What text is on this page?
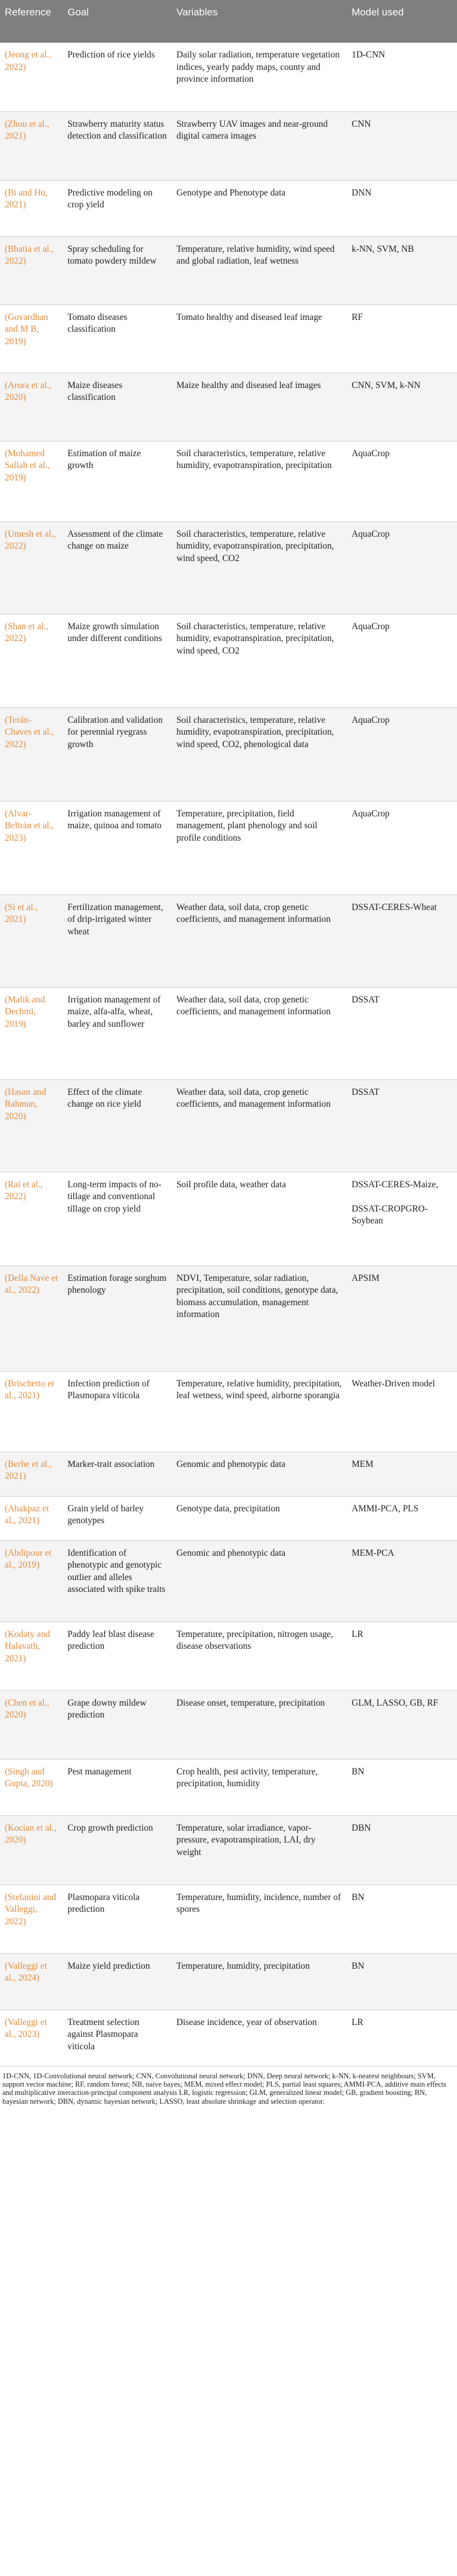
Reference	Goal	Variables	Model used
(Jeong et al., 2022)	Prediction of rice yields	Daily solar radiation, temperature vegetation indices, yearly paddy maps, county and province information	1D-CNN
(Zhou et al., 2021)	Strawberry maturity status detection and classification	Strawberry UAV images and near-ground digital camera images	CNN
(Bi and Hu, 2021)	Predictive modeling on crop yield	Genotype and Phenotype data	DNN
(Bhatia et al., 2022)	Spray scheduling for tomato powdery mildew	Temperature, relative humidity, wind speed and global radiation, leaf wetness	k-NN, SVM, NB
(Govardhan and M B, 2019)	Tomato diseases classification	Tomato healthy and diseased leaf image	RF
(Arora et al., 2020)	Maize diseases classification	Maize healthy and diseased leaf images	CNN, SVM, k-NN
(Mohamed Sallah et al., 2019)	Estimation of maize growth	Soil characteristics, temperature, relative humidity, evapotranspiration, precipitation	AquaCrop
(Umesh et al., 2022)	Assessment of the climate change on maize	Soil characteristics, temperature, relative humidity, evapotranspiration, precipitation, wind speed, CO2	AquaCrop
(Shan et al., 2022)	Maize growth simulation under different conditions	Soil characteristics, temperature, relative humidity, evapotranspiration, precipitation, wind speed, CO2	AquaCrop
(Terán-Chaves et al., 2022)	Calibration and validation for perennial ryegrass growth	Soil characteristics, temperature, relative humidity, evapotranspiration, precipitation, wind speed, CO2, phenological data	AquaCrop
(Alvar-Beltrán et al., 2023)	Irrigation management of maize, quinoa and tomato	Temperature, precipitation, field management, plant phenology and soil profile conditions	AquaCrop
(Si et al., 2021)	Fertilization management, of drip-irrigated winter wheat	Weather data, soil data, crop genetic coefficients, and management information	DSSAT-CERES-Wheat
(Malik and Dechmi, 2019)	Irrigation management of maize, alfa-alfa, wheat, barley and sunflower	Weather data, soil data, crop genetic coefficients, and management information	DSSAT
(Hasan and Rahman, 2020)	Effect of the climate change on rice yield	Weather data, soil data, crop genetic coefficients, and management information	DSSAT
(Rai et al., 2022)	Long-term impacts of no-tillage and conventional tillage on crop yield	Soil profile data, weather data	DSSAT-CERES-Maize,

DSSAT-CROPGRO-Soybean
(Della Nave et al., 2022)	Estimation forage sorghum phenology	NDVI, Temperature, solar radiation, precipitation, soil conditions, genotype data, biomass accumulation, management information	APSIM
(Brischetto et al., 2021)	Infection prediction of Plasmopara viticola	Temperature, relative humidity, precipitation, leaf wetness, wind speed, airborne sporangia	Weather-Driven model
(Berhe et al., 2021)	Marker-trait association	Genomic and phenotypic data	MEM
(Ahakpaz et al., 2021)	Grain yield of barley genotypes	Genotype data, precipitation	AMMI-PCA, PLS
(Abdipour et al., 2019)	Identification of phenotypic and genotypic outlier and alleles associated with spike traits	Genomic and phenotypic data	MEM-PCA
(Kodaty and Halavath, 2021)	Paddy leaf blast disease prediction	Temperature, precipitation, nitrogen usage, disease observations	LR
(Chen et al., 2020)	Grape downy mildew prediction	Disease onset, temperature, precipitation	GLM, LASSO, GB, RF
(Singh and Gupta, 2020)	Pest management	Crop health, pest activity, temperature, precipitation, humidity	BN
(Kocian et al., 2020)	Crop growth prediction	Temperature, solar irradiance, vapor-pressure, evapotranspiration, LAI, dry weight	DBN
(Stefanini and Valleggi, 2022)	Plasmopara viticola prediction	Temperature, humidity, incidence, number of spores	BN
(Valleggi et al., 2024)	Maize yield prediction	Temperature, humidity, precipitation	BN
(Valleggi et al., 2023)	Treatment selection against Plasmopara viticola	Disease incidence, year of observation	LR
1D-CNN, 1D-Convolutional neural network; CNN, Convolutional neural network; DNN, Deep neural network; k-NN, k-nearest neighbours; SVM, support vector machine; RF, random forest; NB, naive bayes; MEM, mixed effect model; PLS, partial least squares; AMMI-PCA, additive main effects and multiplicative interaction-principal component analysis LR, logistic regression; GLM, generalized linear model; GB, gradient boosting; BN, bayesian network; DBN, dynamic bayesian network; LASSO, least absolute shrinkage and selection operator.
